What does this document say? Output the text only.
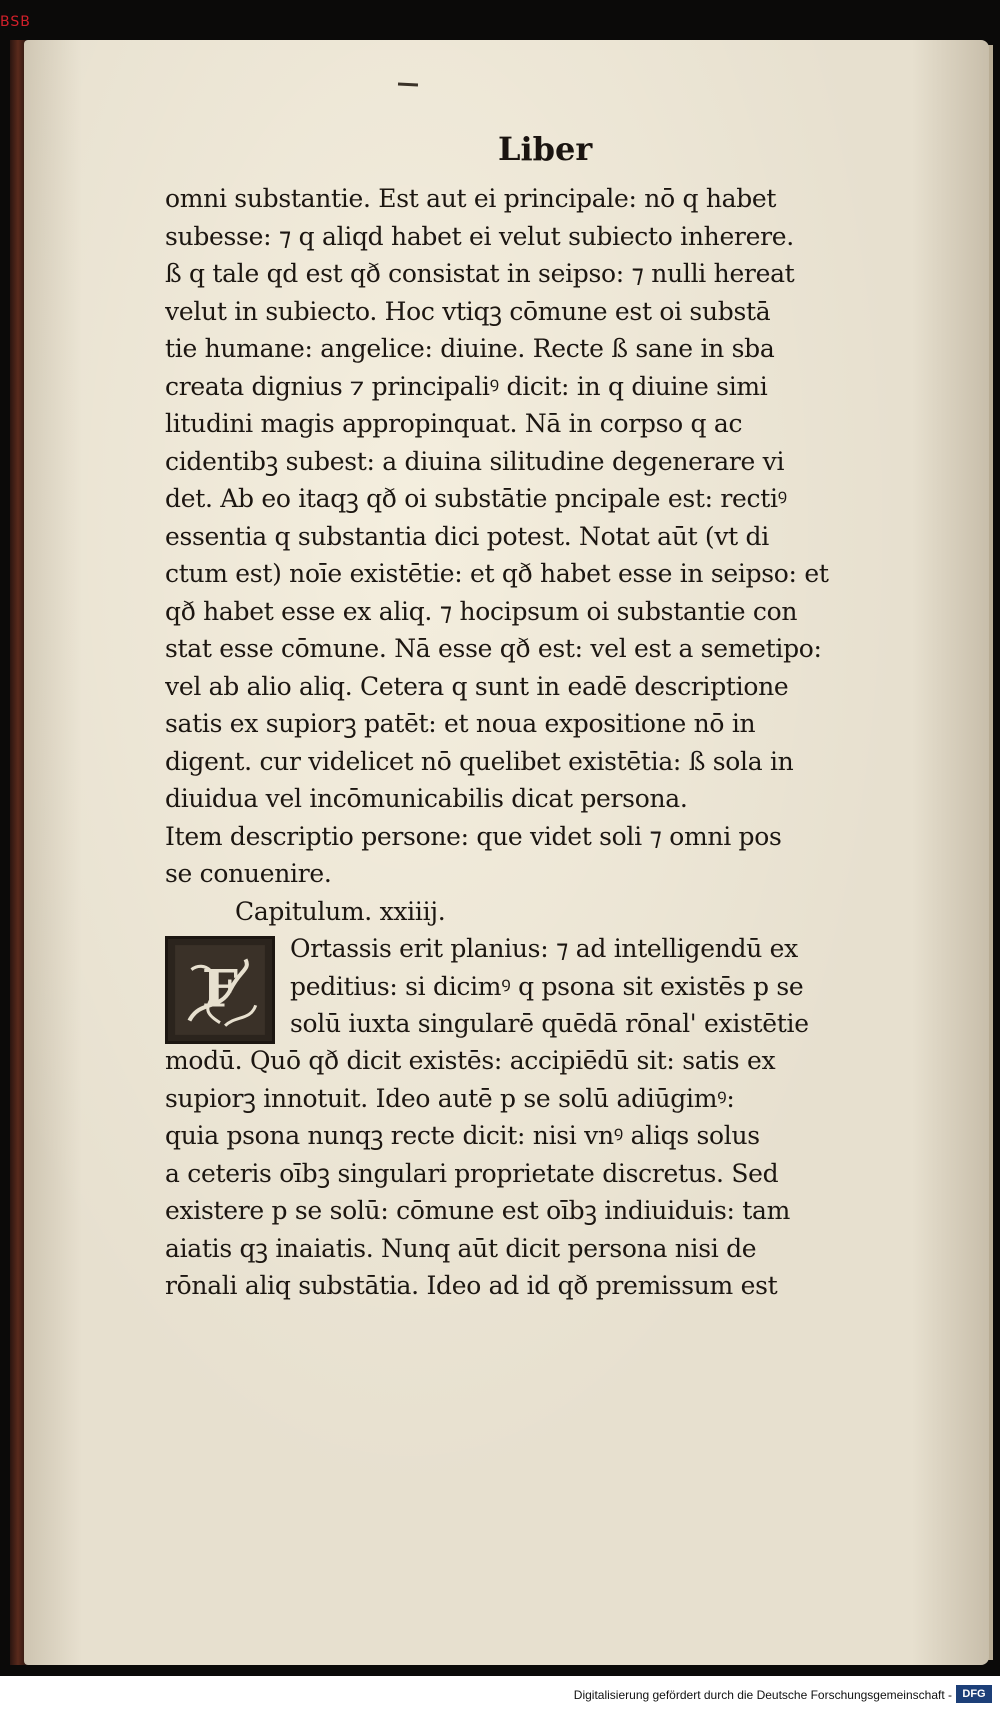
BSB
Liber
omni substantie. Est aut ei principale: nō q habet
subesse: ⁊ q aliqd habet ei velut subiecto inherere.
ß q tale qd est qð consistat in seipso: ⁊ nulli hereat
velut in subiecto. Hoc vtiqꝫ cōmune est oi substā
tie humane: angelice: diuine. Recte ß sane in sba
creata dignius ⁊ principaliꝰ dicit: in q diuine simi
litudini magis appropinquat. Nā in corpso q ac
cidentibꝫ subest: a diuina silitudine degenerare vi
det. Ab eo itaqꝫ qð oi substātie pncipale est: rectiꝰ
essentia q substantia dici potest. Notat aūt (vt di
ctum est) noīe existētie: et qð habet esse in seipso: et
qð habet esse ex aliq. ⁊ hocipsum oi substantie con
stat esse cōmune. Nā esse qð est: vel est a semetipo:
vel ab alio aliq. Cetera q sunt in eadē descriptione
satis ex supiorꝫ patēt: et noua expositione nō in
digent. cur videlicet nō quelibet existētia: ß sola in
diuidua vel incōmunicabilis dicat persona.
Item descriptio persone: que videt soli ⁊ omni pos
se conuenire.
Capitulum. xxiiij.
F
Ortassis erit planius: ⁊ ad intelligendū ex
peditius: si dicimꝰ q psona sit existēs p se
solū iuxta singularē quēdā rōnal' existētie
modū. Quō qð dicit existēs: accipiēdū sit: satis ex
supiorꝫ innotuit. Ideo autē p se solū adiūgimꝰ:
quia psona nunqꝫ recte dicit: nisi vnꝰ aliqs solus
a ceteris oībꝫ singulari proprietate discretus. Sed
existere p se solū: cōmune est oībꝫ indiuiduis: tam
aiatis qꝫ inaiatis. Nunq aūt dicit persona nisi de
rōnali aliq substātia. Ideo ad id qð premissum est
Digitalisierung gefördert durch die Deutsche Forschungsgemeinschaft - DFG
